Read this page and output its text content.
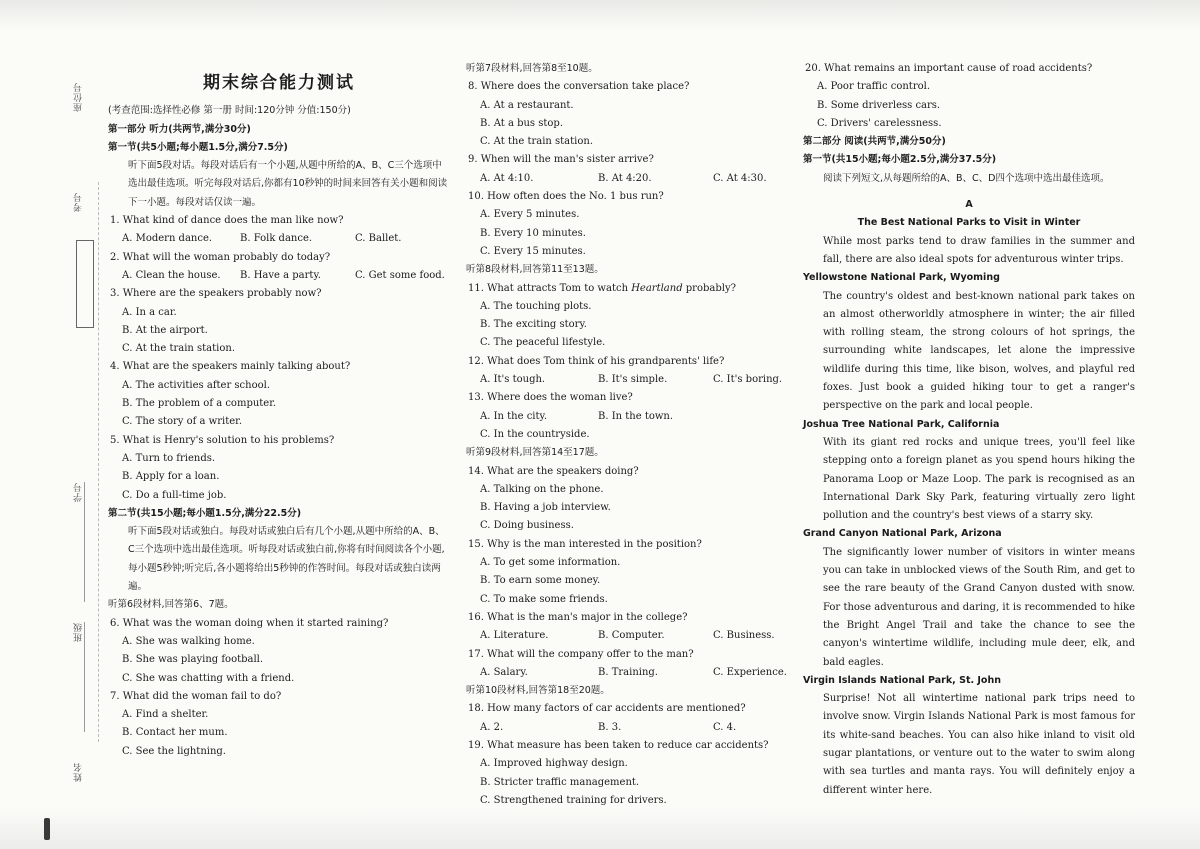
姓名
班级
学号
考号
座位号	期末综合能力测试

(考查范围:选择性必修 第一册 时间:120分钟 分值:150分)

第一部分 听力(共两节,满分30分)

第一节(共5小题;每小题1.5分,满分7.5分)

听下面5段对话。每段对话后有一个小题,从题中所给的A、B、C三个选项中选出最佳选项。听完每段对话后,你都有10秒钟的时间来回答有关小题和阅读下一小题。每段对话仅读一遍。

1. What kind of dance does the man like now?

A. Modern dance.	B. Folk dance.	C. Ballet.

2. What will the woman probably do today?

A. Clean the house.	B. Have a party.	C. Get some food.

3. Where are the speakers probably now?

A. In a car.

B. At the airport.

C. At the train station.

4. What are the speakers mainly talking about?

A. The activities after school.

B. The problem of a computer.

C. The story of a writer.

5. What is Henry's solution to his problems?

A. Turn to friends.

B. Apply for a loan.

C. Do a full-time job.

第二节(共15小题;每小题1.5分,满分22.5分)

听下面5段对话或独白。每段对话或独白后有几个小题,从题中所给的A、B、C三个选项中选出最佳选项。听每段对话或独白前,你将有时间阅读各个小题,每小题5秒钟;听完后,各小题将给出5秒钟的作答时间。每段对话或独白读两遍。

听第6段材料,回答第6、7题。

6. What was the woman doing when it started raining?

A. She was walking home.

B. She was playing football.

C. She was chatting with a friend.

7. What did the woman fail to do?

A. Find a shelter.

B. Contact her mum.

C. See the lightning.

听第7段材料,回答第8至10题。

8. Where does the conversation take place?

A. At a restaurant.

B. At a bus stop.

C. At the train station.

9. When will the man's sister arrive?

A. At 4:10.	B. At 4:20.	C. At 4:30.

10. How often does the No. 1 bus run?

A. Every 5 minutes.

B. Every 10 minutes.

C. Every 15 minutes.

听第8段材料,回答第11至13题。

11. What attracts Tom to watch Heartland probably?

A. The touching plots.

B. The exciting story.

C. The peaceful lifestyle.

12. What does Tom think of his grandparents' life?

A. It's tough.	B. It's simple.	C. It's boring.

13. Where does the woman live?

A. In the city.	B. In the town.

C. In the countryside.

听第9段材料,回答第14至17题。

14. What are the speakers doing?

A. Talking on the phone.

B. Having a job interview.

C. Doing business.

15. Why is the man interested in the position?

A. To get some information.

B. To earn some money.

C. To make some friends.

16. What is the man's major in the college?

A. Literature.	B. Computer.	C. Business.

17. What will the company offer to the man?

A. Salary.	B. Training.	C. Experience.

听第10段材料,回答第18至20题。

18. How many factors of car accidents are mentioned?

A. 2.	B. 3.	C. 4.

19. What measure has been taken to reduce car accidents?

A. Improved highway design.

B. Stricter traffic management.

C. Strengthened training for drivers.

20. What remains an important cause of road accidents?

A. Poor traffic control.

B. Some driverless cars.

C. Drivers' carelessness.

第二部分 阅读(共两节,满分50分)

第一节(共15小题;每小题2.5分,满分37.5分)

阅读下列短文,从每题所给的A、B、C、D四个选项中选出最佳选项。

A

The Best National Parks to Visit in Winter

While most parks tend to draw families in the summer and fall, there are also ideal spots for adventurous winter trips.

Yellowstone National Park, Wyoming

The country's oldest and best-known national park takes on an almost otherworldly atmosphere in winter; the air filled with rolling steam, the strong colours of hot springs, the surrounding white landscapes, let alone the impressive wildlife during this time, like bison, wolves, and playful red foxes. Just book a guided hiking tour to get a ranger's perspective on the park and local people.

Joshua Tree National Park, California

With its giant red rocks and unique trees, you'll feel like stepping onto a foreign planet as you spend hours hiking the Panorama Loop or Maze Loop. The park is recognised as an International Dark Sky Park, featuring virtually zero light pollution and the country's best views of a starry sky.

Grand Canyon National Park, Arizona

The significantly lower number of visitors in winter means you can take in unblocked views of the South Rim, and get to see the rare beauty of the Grand Canyon dusted with snow. For those adventurous and daring, it is recommended to hike the Bright Angel Trail and take the chance to see the canyon's wintertime wildlife, including mule deer, elk, and bald eagles.

Virgin Islands National Park, St. John

Surprise! Not all wintertime national park trips need to involve snow. Virgin Islands National Park is most famous for its white-sand beaches. You can also hike inland to visit old sugar plantations, or venture out to the water to swim along with sea turtles and manta rays. You will definitely enjoy a different winter here.
